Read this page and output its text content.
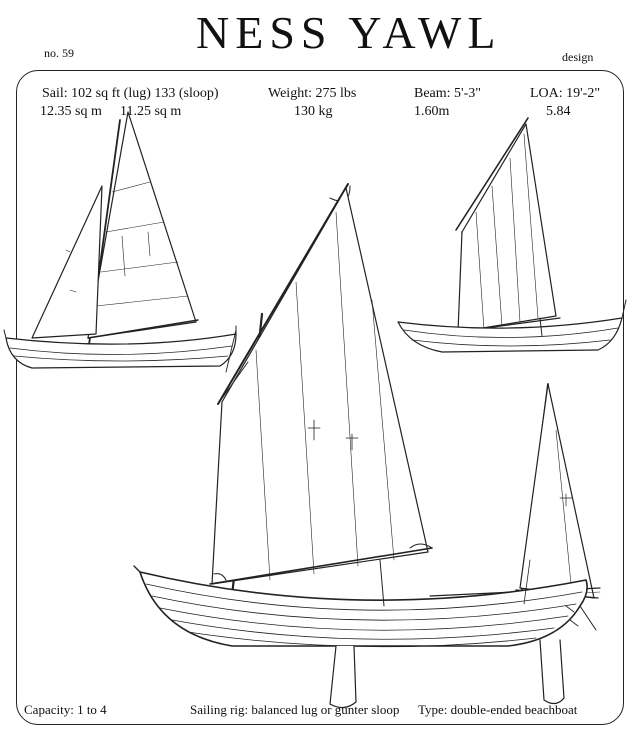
NESS YAWL
no. 59	design
Sail: 102 sq ft (lug) 133 (sloop)
11.25 sq m
12.35 sq m
Weight: 275 lbs
130 kg
Beam: 5'-3"
1.60m
LOA: 19'-2"
5.84
Capacity: 1 to 4	Sailing rig: balanced lug or gunter sloop Type: double-ended beachboat
